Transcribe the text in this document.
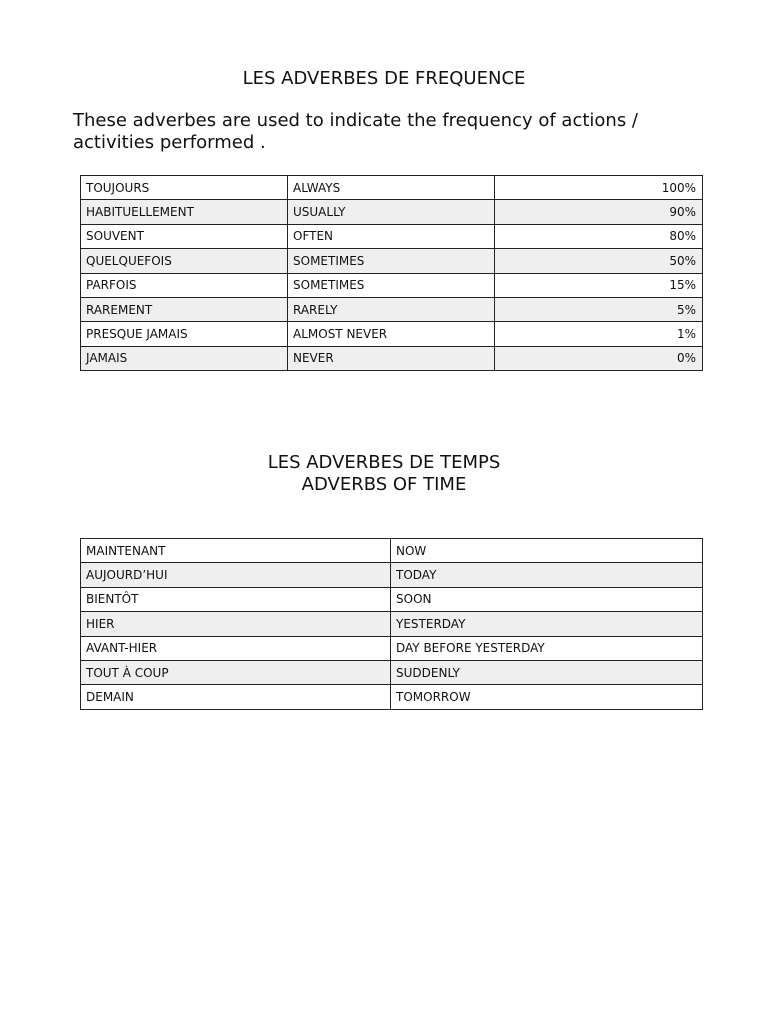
LES ADVERBES DE FREQUENCE
These adverbes are used to indicate the frequency of actions /
activities performed .
TOUJOURS	ALWAYS	100%
HABITUELLEMENT	USUALLY	90%
SOUVENT	OFTEN	80%
QUELQUEFOIS	SOMETIMES	50%
PARFOIS	SOMETIMES	15%
RAREMENT	RARELY	5%
PRESQUE JAMAIS	ALMOST NEVER	1%
JAMAIS	NEVER	0%
LES ADVERBES DE TEMPS
ADVERBS OF TIME
MAINTENANT	NOW
AUJOURD’HUI	TODAY
BIENTÔT	SOON
HIER	YESTERDAY
AVANT-HIER	DAY BEFORE YESTERDAY
TOUT À COUP	SUDDENLY
DEMAIN	TOMORROW
